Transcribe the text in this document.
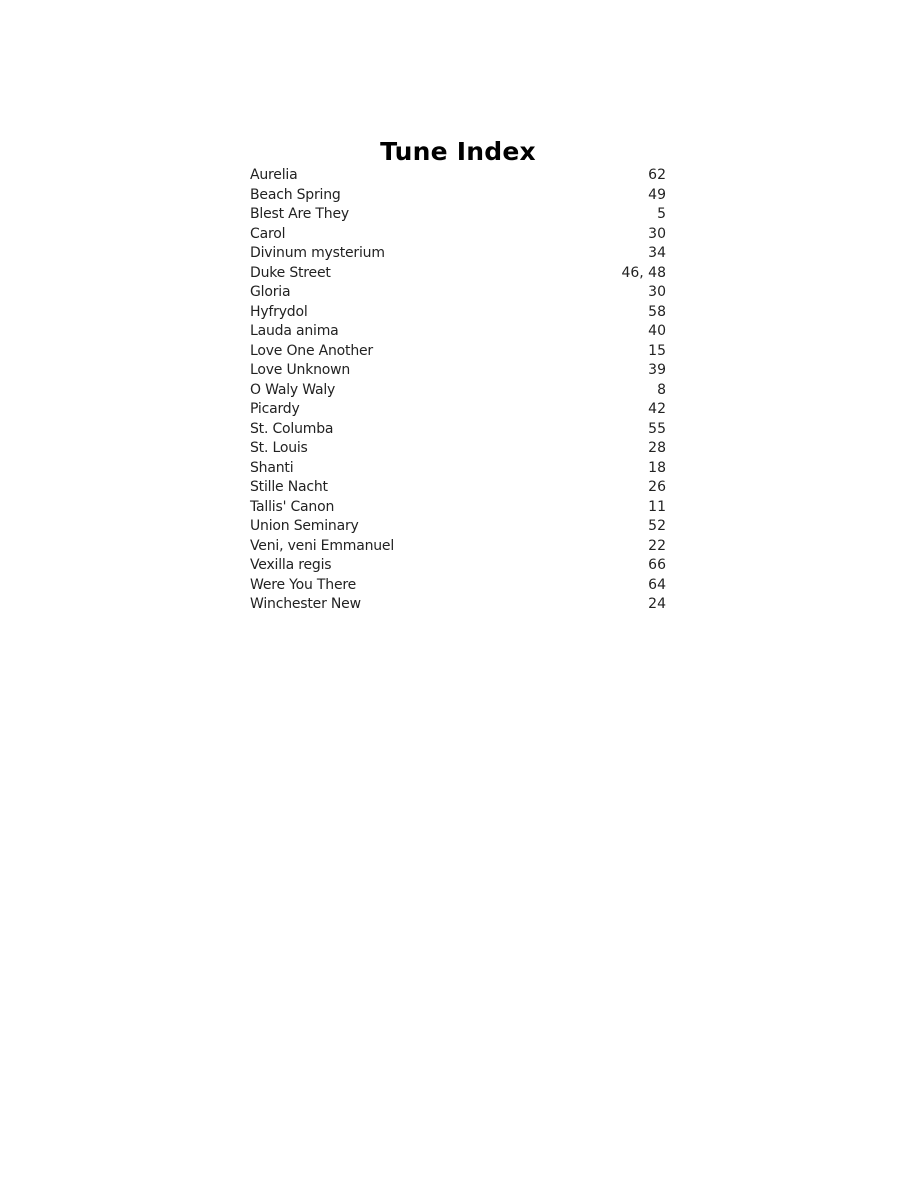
Tune Index
Aurelia	62
Beach Spring	49
Blest Are They	5
Carol	30
Divinum mysterium	34
Duke Street	46, 48
Gloria	30
Hyfrydol	58
Lauda anima	40
Love One Another	15
Love Unknown	39
O Waly Waly	8
Picardy	42
St. Columba	55
St. Louis	28
Shanti	18
Stille Nacht	26
Tallis' Canon	11
Union Seminary	52
Veni, veni Emmanuel	22
Vexilla regis	66
Were You There	64
Winchester New	24
